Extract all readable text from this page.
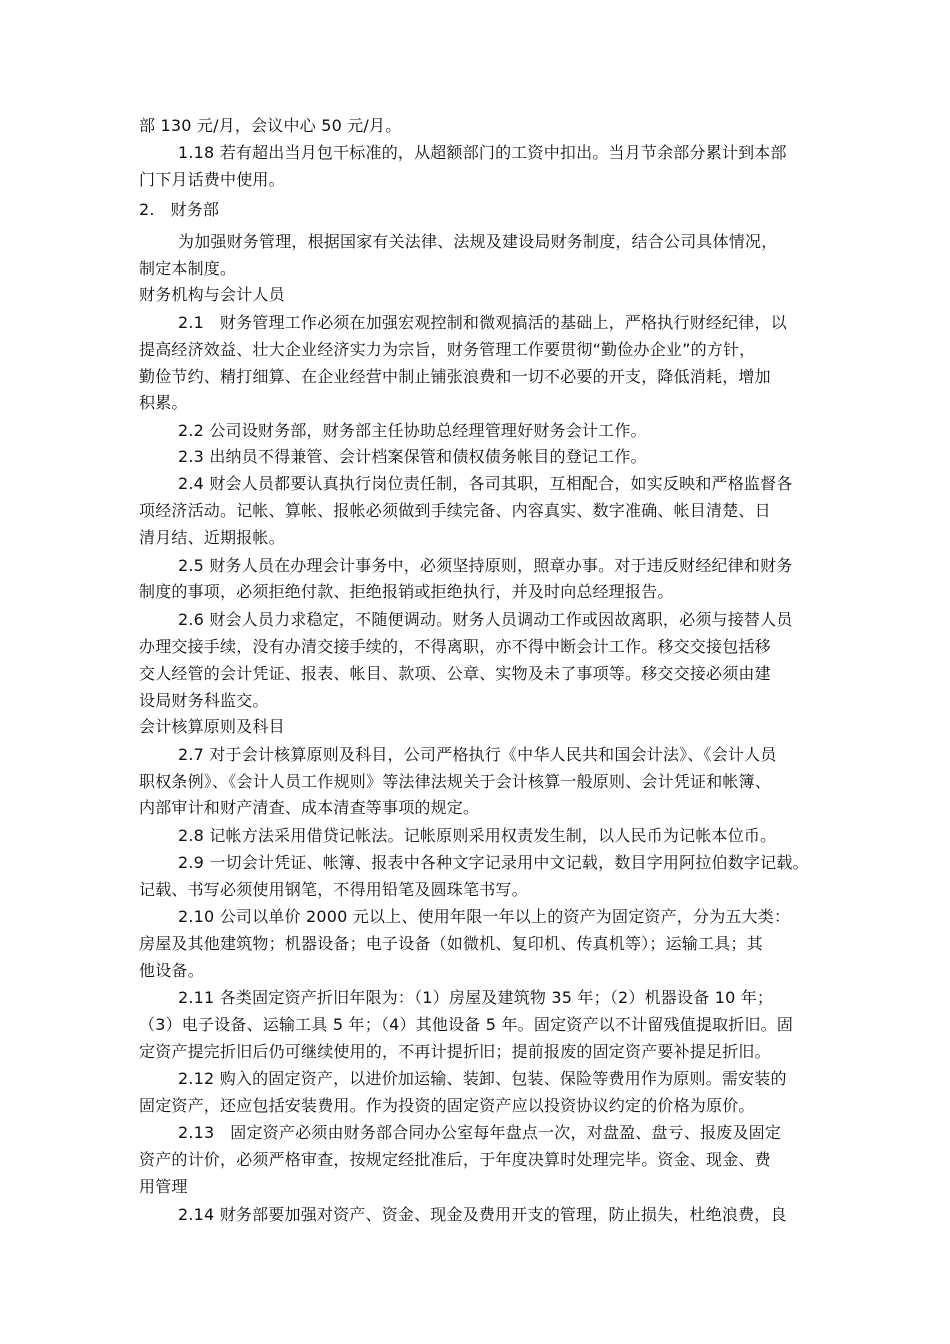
部 130 元/月，会议中心 50 元/月。
1.18 若有超出当月包干标准的，从超额部门的工资中扣出。当月节余部分累计到本部
门下月话费中使用。
2.   财务部
为加强财务管理，根据国家有关法律、法规及建设局财务制度，结合公司具体情况，
制定本制度。
财务机构与会计人员
2.1   财务管理工作必须在加强宏观控制和微观搞活的基础上，严格执行财经纪律，以
提高经济效益、壮大企业经济实力为宗旨，财务管理工作要贯彻“勤俭办企业”的方针，
勤俭节约、精打细算、在企业经营中制止铺张浪费和一切不必要的开支，降低消耗，增加
积累。
2.2 公司设财务部，财务部主任协助总经理管理好财务会计工作。
2.3 出纳员不得兼管、会计档案保管和债权债务帐目的登记工作。
2.4 财会人员都要认真执行岗位责任制，各司其职，互相配合，如实反映和严格监督各
项经济活动。记帐、算帐、报帐必须做到手续完备、内容真实、数字准确、帐目清楚、日
清月结、近期报帐。
2.5 财务人员在办理会计事务中，必须坚持原则，照章办事。对于违反财经纪律和财务
制度的事项，必须拒绝付款、拒绝报销或拒绝执行，并及时向总经理报告。
2.6 财会人员力求稳定，不随便调动。财务人员调动工作或因故离职，必须与接替人员
办理交接手续，没有办清交接手续的，不得离职，亦不得中断会计工作。移交交接包括移
交人经管的会计凭证、报表、帐目、款项、公章、实物及未了事项等。移交交接必须由建
设局财务科监交。
会计核算原则及科目
2.7 对于会计核算原则及科目，公司严格执行《中华人民共和国会计法》、《会计人员
职权条例》、《会计人员工作规则》等法律法规关于会计核算一般原则、会计凭证和帐簿、
内部审计和财产清查、成本清查等事项的规定。
2.8 记帐方法采用借贷记帐法。记帐原则采用权责发生制，以人民币为记帐本位币。
2.9 一切会计凭证、帐簿、报表中各种文字记录用中文记载，数目字用阿拉伯数字记载。
记载、书写必须使用钢笔，不得用铅笔及圆珠笔书写。
2.10 公司以单价 2000 元以上、使用年限一年以上的资产为固定资产，分为五大类：
房屋及其他建筑物；机器设备；电子设备（如微机、复印机、传真机等）；运输工具；其
他设备。
2.11 各类固定资产折旧年限为：（1）房屋及建筑物 35 年；（2）机器设备 10 年；
（3）电子设备、运输工具 5 年；（4）其他设备 5 年。固定资产以不计留残值提取折旧。固
定资产提完折旧后仍可继续使用的，不再计提折旧；提前报废的固定资产要补提足折旧。
2.12 购入的固定资产，以进价加运输、装卸、包装、保险等费用作为原则。需安装的
固定资产，还应包括安装费用。作为投资的固定资产应以投资协议约定的价格为原价。
2.13   固定资产必须由财务部合同办公室每年盘点一次，对盘盈、盘亏、报废及固定
资产的计价，必须严格审查，按规定经批准后，于年度决算时处理完毕。资金、现金、费
用管理
2.14 财务部要加强对资产、资金、现金及费用开支的管理，防止损失，杜绝浪费，良
